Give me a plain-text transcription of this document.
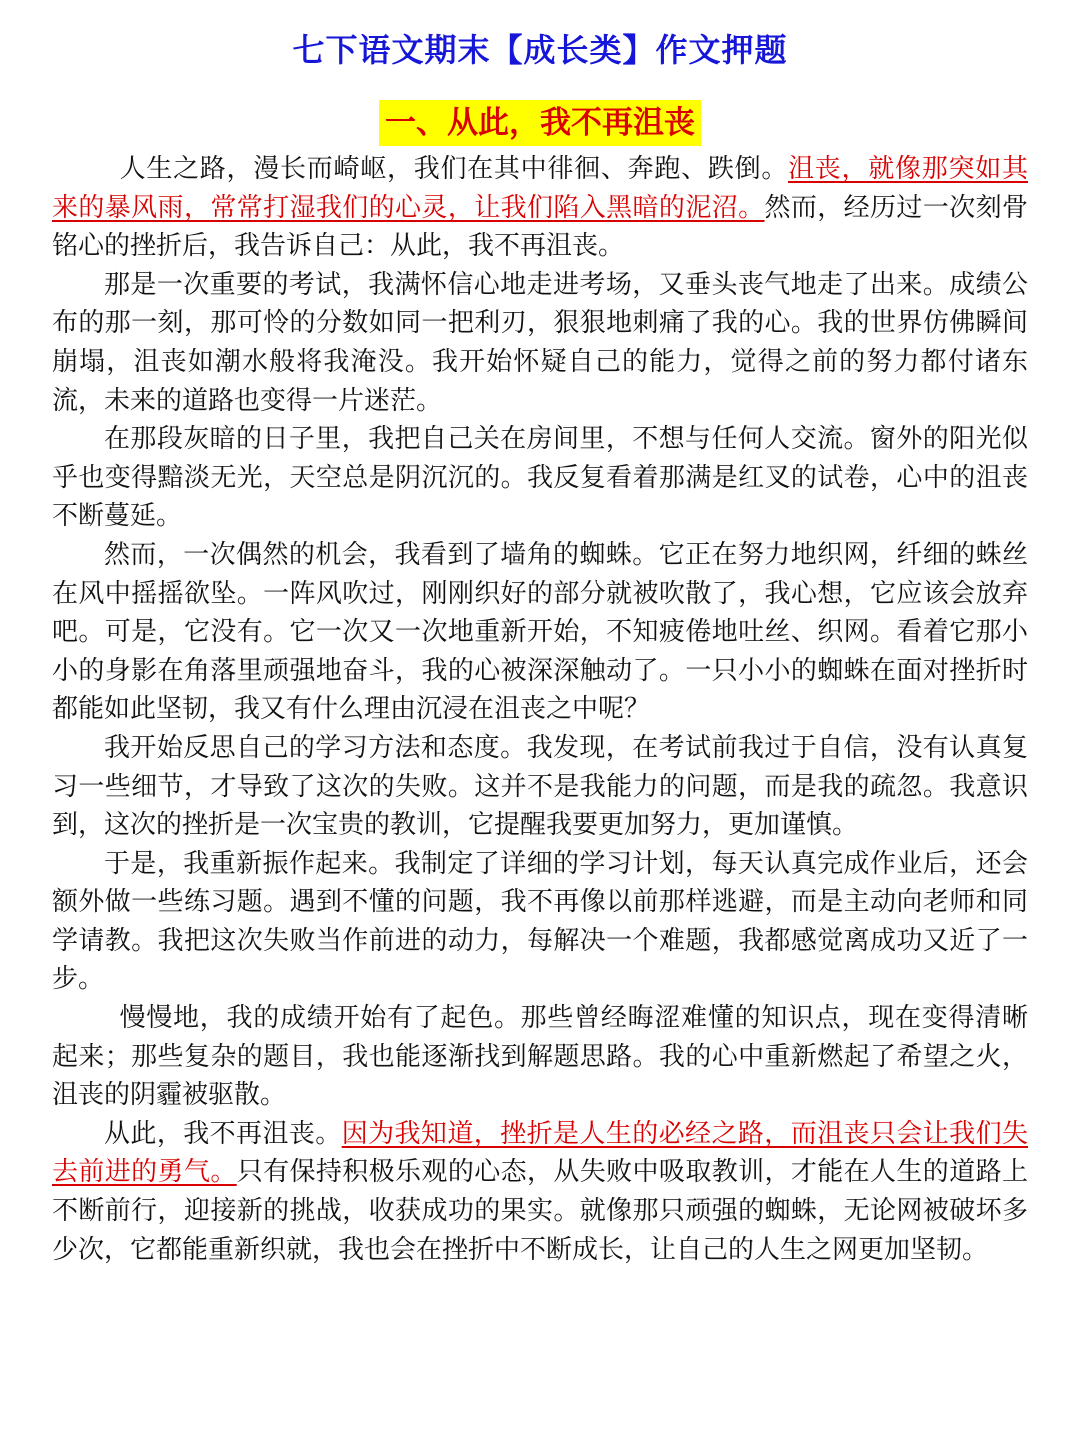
七下语文期末【成长类】作文押题
一、从此，我不再沮丧

人生之路，漫长而崎岖，我们在其中徘徊、奔跑、跌倒。沮丧，就像那突如其来的暴风雨，常常打湿我们的心灵，让我们陷入黑暗的泥沼。然而，经历过一次刻骨铭心的挫折后，我告诉自己：从此，我不再沮丧。

那是一次重要的考试，我满怀信心地走进考场，又垂头丧气地走了出来。成绩公布的那一刻，那可怜的分数如同一把利刃，狠狠地刺痛了我的心。我的世界仿佛瞬间崩塌，沮丧如潮水般将我淹没。我开始怀疑自己的能力，觉得之前的努力都付诸东流，未来的道路也变得一片迷茫。

在那段灰暗的日子里，我把自己关在房间里，不想与任何人交流。窗外的阳光似乎也变得黯淡无光，天空总是阴沉沉的。我反复看着那满是红叉的试卷，心中的沮丧不断蔓延。

然而，一次偶然的机会，我看到了墙角的蜘蛛。它正在努力地织网，纤细的蛛丝在风中摇摇欲坠。一阵风吹过，刚刚织好的部分就被吹散了，我心想，它应该会放弃吧。可是，它没有。它一次又一次地重新开始，不知疲倦地吐丝、织网。看着它那小小的身影在角落里顽强地奋斗，我的心被深深触动了。一只小小的蜘蛛在面对挫折时都能如此坚韧，我又有什么理由沉浸在沮丧之中呢？

我开始反思自己的学习方法和态度。我发现，在考试前我过于自信，没有认真复习一些细节，才导致了这次的失败。这并不是我能力的问题，而是我的疏忽。我意识到，这次的挫折是一次宝贵的教训，它提醒我要更加努力，更加谨慎。

于是，我重新振作起来。我制定了详细的学习计划，每天认真完成作业后，还会额外做一些练习题。遇到不懂的问题，我不再像以前那样逃避，而是主动向老师和同学请教。我把这次失败当作前进的动力，每解决一个难题，我都感觉离成功又近了一步。

慢慢地，我的成绩开始有了起色。那些曾经晦涩难懂的知识点，现在变得清晰起来；那些复杂的题目，我也能逐渐找到解题思路。我的心中重新燃起了希望之火，沮丧的阴霾被驱散。

从此，我不再沮丧。因为我知道，挫折是人生的必经之路，而沮丧只会让我们失去前进的勇气。只有保持积极乐观的心态，从失败中吸取教训，才能在人生的道路上不断前行，迎接新的挑战，收获成功的果实。就像那只顽强的蜘蛛，无论网被破坏多少次，它都能重新织就，我也会在挫折中不断成长，让自己的人生之网更加坚韧。
